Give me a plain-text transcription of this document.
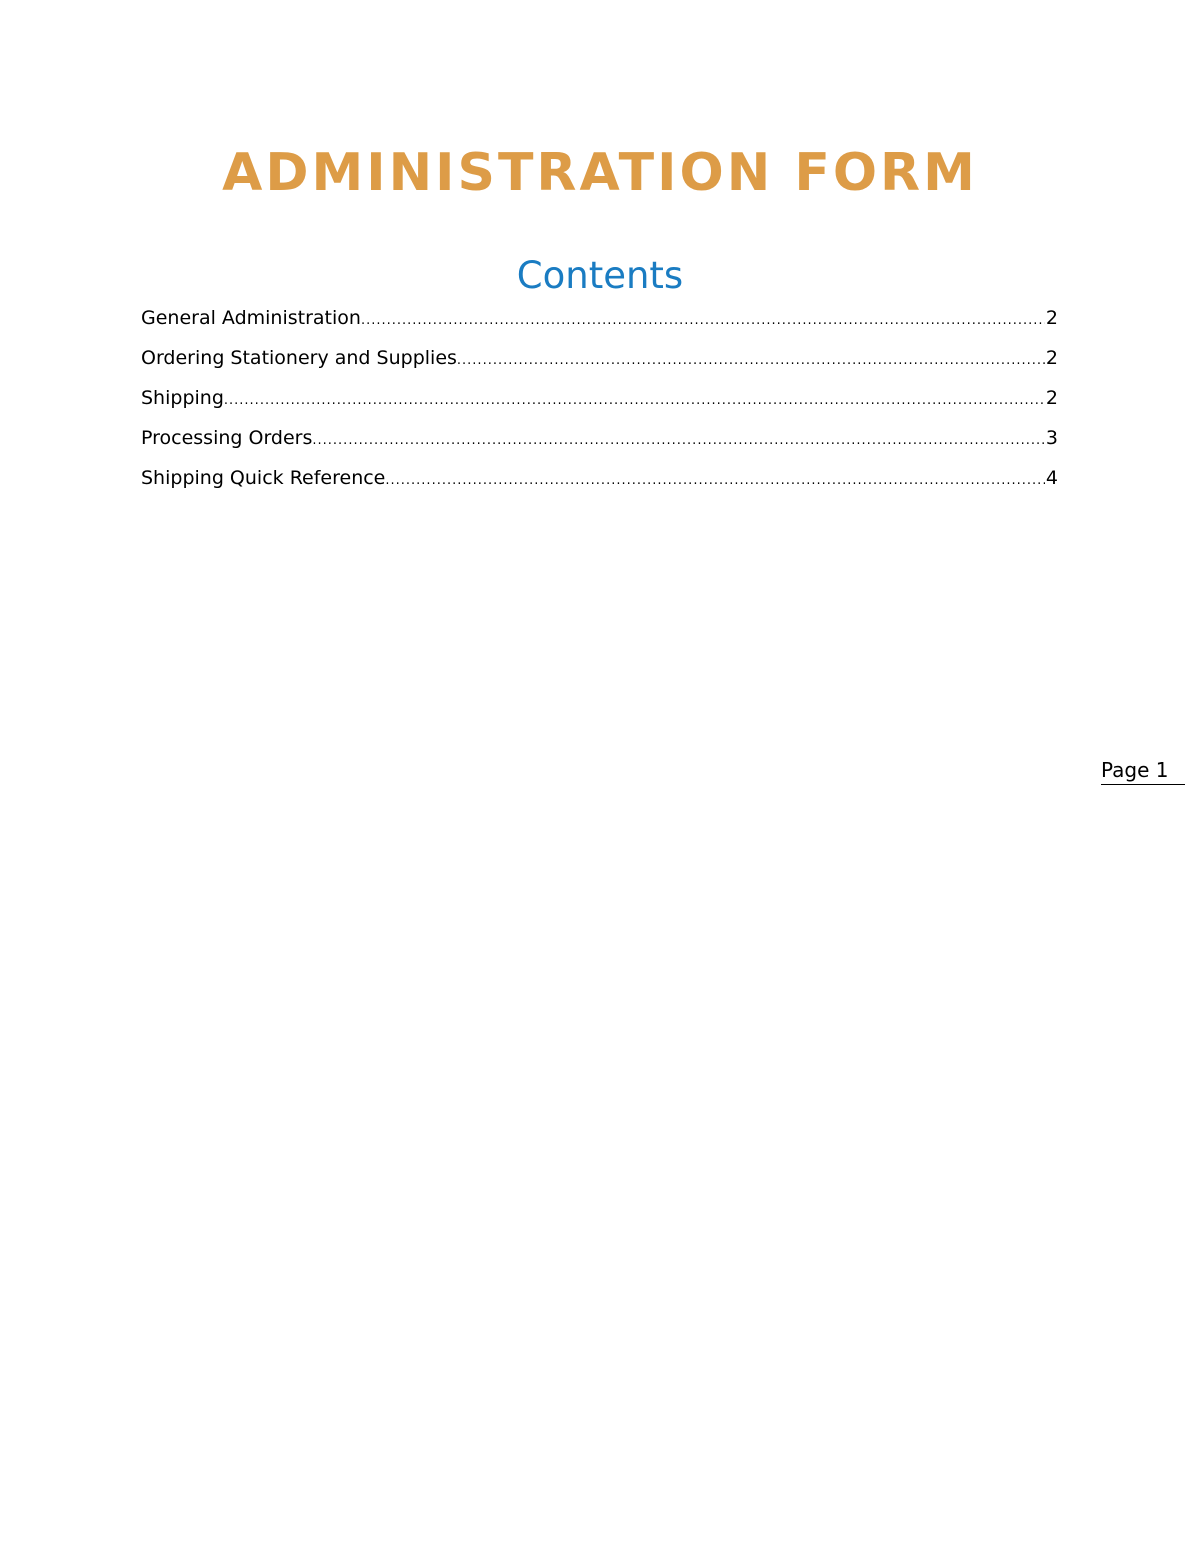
ADMINISTRATION FORM
Contents
General Administration .....	2
Ordering Stationery and Supplies .....	2
Shipping .....	2
Processing Orders .....	3
Shipping Quick Reference .....	4
Page 1
